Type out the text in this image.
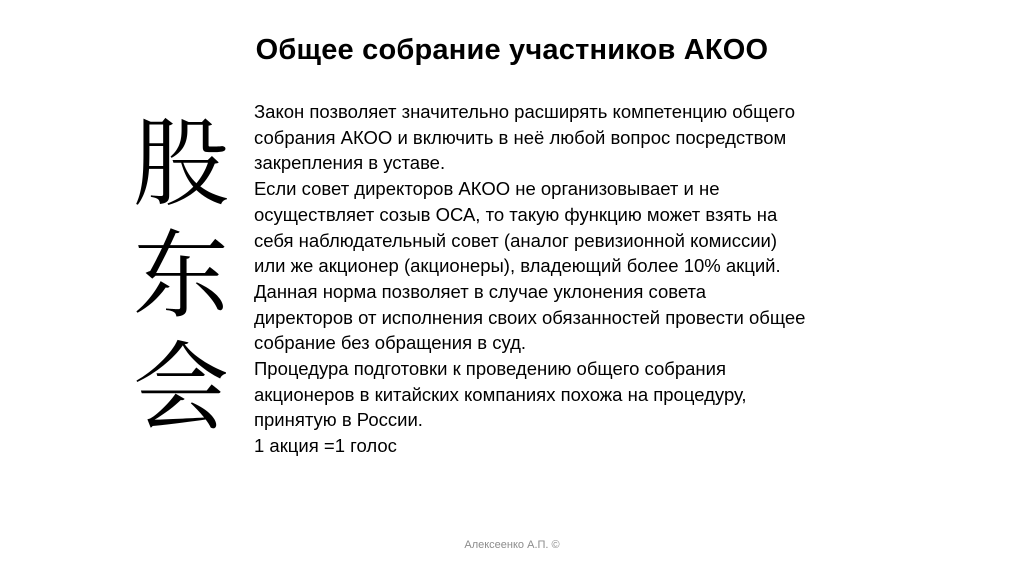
Общее собрание участников АКОО
股
东
会

Закон позволяет значительно расширять компетенцию общего

собрания АКОО и включить в неё любой вопрос посредством

закрепления в уставе.

Если совет директоров АКОО не организовывает и не

осуществляет созыв ОСА, то такую функцию может взять на

себя наблюдательный совет (аналог ревизионной комиссии)

или же акционер (акционеры), владеющий более 10% акций.

Данная норма позволяет в случае уклонения совета

директоров от исполнения своих обязанностей провести общее

собрание без обращения в суд.

Процедура подготовки к проведению общего собрания

акционеров в китайских компаниях похожа на процедуру,

принятую в России.

1 акция =1 голос

Алексеенко А.П. ©
